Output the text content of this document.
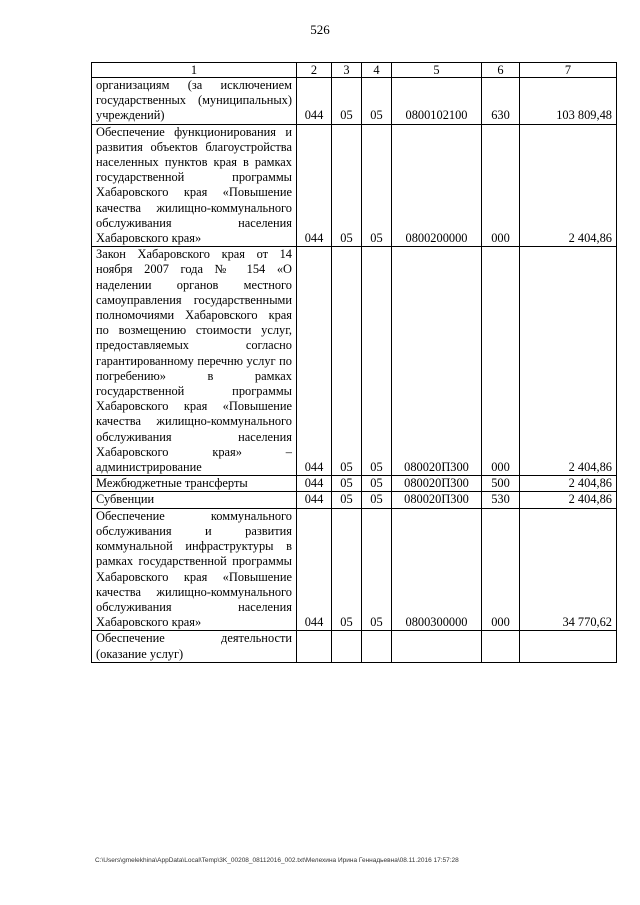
526
1	2	3	4	5	6	7
организациям (за исключением государственных (муниципальных) учреждений)	044	05	05	0800102100	630	103 809,48
Обеспечение функционирования и развития объектов благоустройства населенных пунктов края в рамках государственной программы Хабаровского края «Повышение качества жилищно-коммунального обслуживания населения Хабаровского края»	044	05	05	0800200000	000	2 404,86
Закон Хабаровского края от 14 ноября 2007 года № 154 «О наделении органов местного самоуправления государственными полномочиями Хабаровского края по возмещению стоимости услуг, предоставляемых согласно гарантированному перечню услуг по погребению» в рамках государственной программы Хабаровского края «Повышение качества жилищно-коммунального обслуживания населения Хабаровского края» – администрирование	044	05	05	080020П300	000	2 404,86
Межбюджетные трансферты	044	05	05	080020П300	500	2 404,86
Субвенции	044	05	05	080020П300	530	2 404,86
Обеспечение коммунального обслуживания и развития коммунальной инфраструктуры в рамках государственной программы Хабаровского края «Повышение качества жилищно-коммунального обслуживания населения Хабаровского края»	044	05	05	0800300000	000	34 770,62
Обеспечение деятельности (оказание услуг)						
C:\Users\gmelekhina\AppData\Local\Temp\3K_00208_08112016_002.txt\Мелехина Ирина Геннадьевна\08.11.2016 17:57:28
